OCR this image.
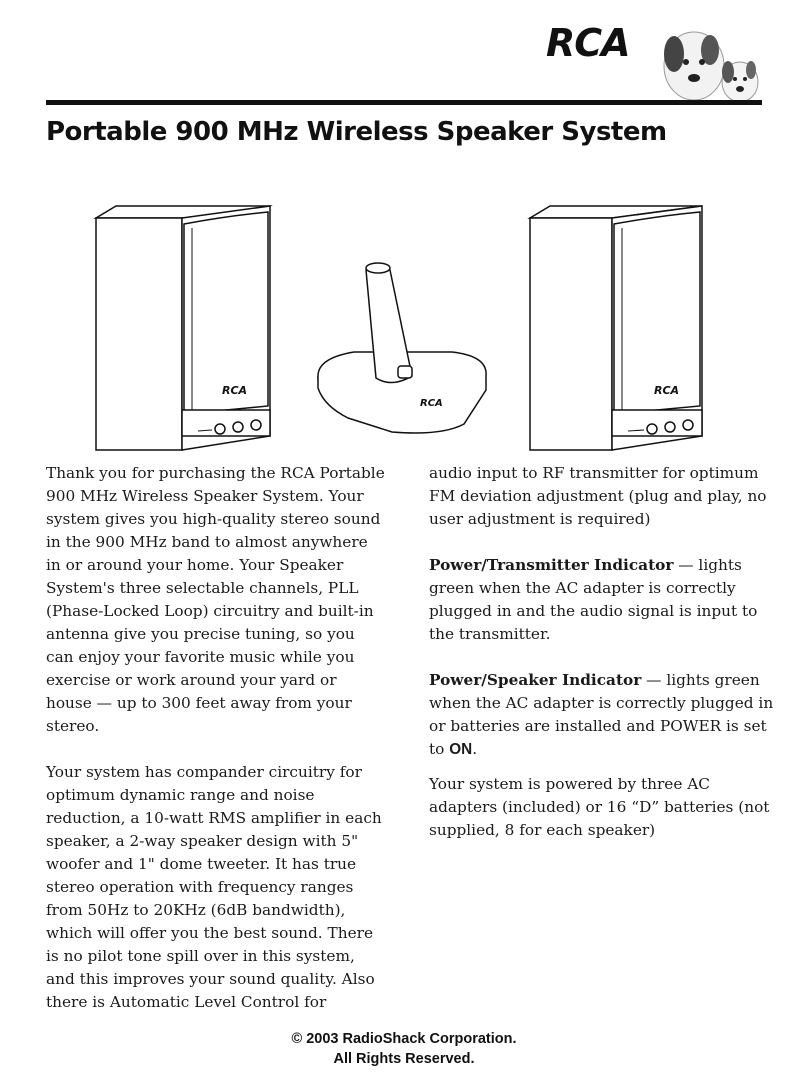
RCA
Portable 900 MHz Wireless Speaker System
RCA
RCA
RCA

Thank you for purchasing the RCA Portable 900 MHz Wireless Speaker System. Your system gives you high-quality stereo sound in the 900 MHz band to almost anywhere in or around your home. Your Speaker System's three selectable channels, PLL (Phase-Locked Loop) circuitry and built-in antenna give you precise tuning, so you can enjoy your favorite music while you exercise or work around your yard or house — up to 300 feet away from your stereo.

Your system has compander circuitry for optimum dynamic range and noise reduction, a 10-watt RMS amplifier in each speaker, a 2-way speaker design with 5" woofer and 1" dome tweeter. It has true stereo operation with frequency ranges from 50Hz to 20KHz (6dB bandwidth), which will offer you the best sound. There is no pilot tone spill over in this system, and this improves your sound quality. Also there is Automatic Level Control for

audio input to RF transmitter for optimum FM deviation adjustment (plug and play, no user adjustment is required)

Power/Transmitter Indicator — lights green when the AC adapter is correctly plugged in and the audio signal is input to the transmitter.

Power/Speaker Indicator — lights green when the AC adapter is correctly plugged in or batteries are installed and POWER is set to ON.

Your system is powered by three AC adapters (included) or 16 “D” batteries (not supplied, 8 for each speaker)

© 2003 RadioShack Corporation.
All Rights Reserved.
